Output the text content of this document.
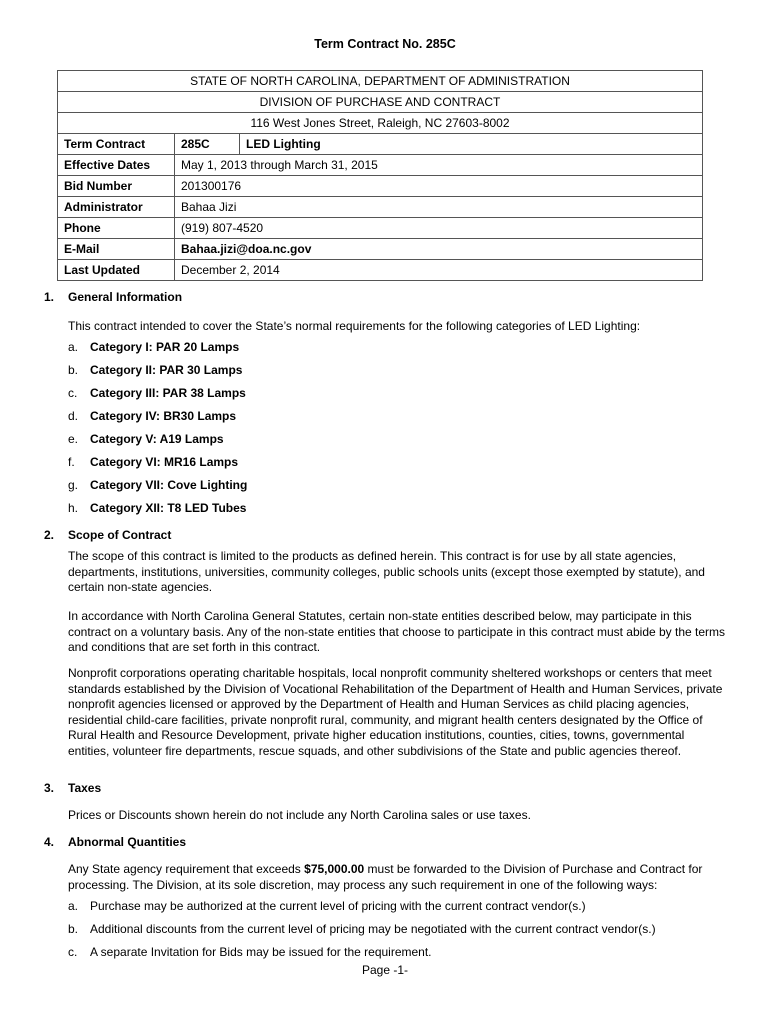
Term Contract No. 285C
STATE OF NORTH CAROLINA, DEPARTMENT OF ADMINISTRATION		
DIVISION OF PURCHASE AND CONTRACT		
116 West Jones Street, Raleigh, NC 27603-8002		
Term Contract	285C	LED Lighting
Effective Dates	May 1, 2013 through March 31, 2015	
Bid Number	201300176	
Administrator	Bahaa Jizi	
Phone	(919) 807-4520	
E-Mail	Bahaa.jizi@doa.nc.gov	
Last Updated	December 2, 2014	
1. General Information
This contract intended to cover the State’s normal requirements for the following categories of LED Lighting:
a. Category I: PAR 20 Lamps
b. Category II: PAR 30 Lamps
c. Category III: PAR 38 Lamps
d. Category IV: BR30 Lamps
e. Category V: A19 Lamps
f. Category VI: MR16 Lamps
g. Category VII: Cove Lighting
h. Category XII: T8 LED Tubes
2. Scope of Contract
The scope of this contract is limited to the products as defined herein. This contract is for use by all state agencies, departments, institutions, universities, community colleges, public schools units (except those exempted by statute), and certain non-state agencies.
In accordance with North Carolina General Statutes, certain non-state entities described below, may participate in this contract on a voluntary basis. Any of the non-state entities that choose to participate in this contract must abide by the terms and conditions that are set forth in this contract.
Nonprofit corporations operating charitable hospitals, local nonprofit community sheltered workshops or centers that meet standards established by the Division of Vocational Rehabilitation of the Department of Health and Human Services, private nonprofit agencies licensed or approved by the Department of Health and Human Services as child placing agencies, residential child-care facilities, private nonprofit rural, community, and migrant health centers designated by the Office of Rural Health and Resource Development, private higher education institutions, counties, cities, towns, governmental entities, volunteer fire departments, rescue squads, and other subdivisions of the State and public agencies thereof.
3. Taxes
Prices or Discounts shown herein do not include any North Carolina sales or use taxes.
4. Abnormal Quantities
Any State agency requirement that exceeds $75,000.00 must be forwarded to the Division of Purchase and Contract for processing. The Division, at its sole discretion, may process any such requirement in one of the following ways:
a. Purchase may be authorized at the current level of pricing with the current contract vendor(s.)
b. Additional discounts from the current level of pricing may be negotiated with the current contract vendor(s.)
c. A separate Invitation for Bids may be issued for the requirement.
Page -1-
